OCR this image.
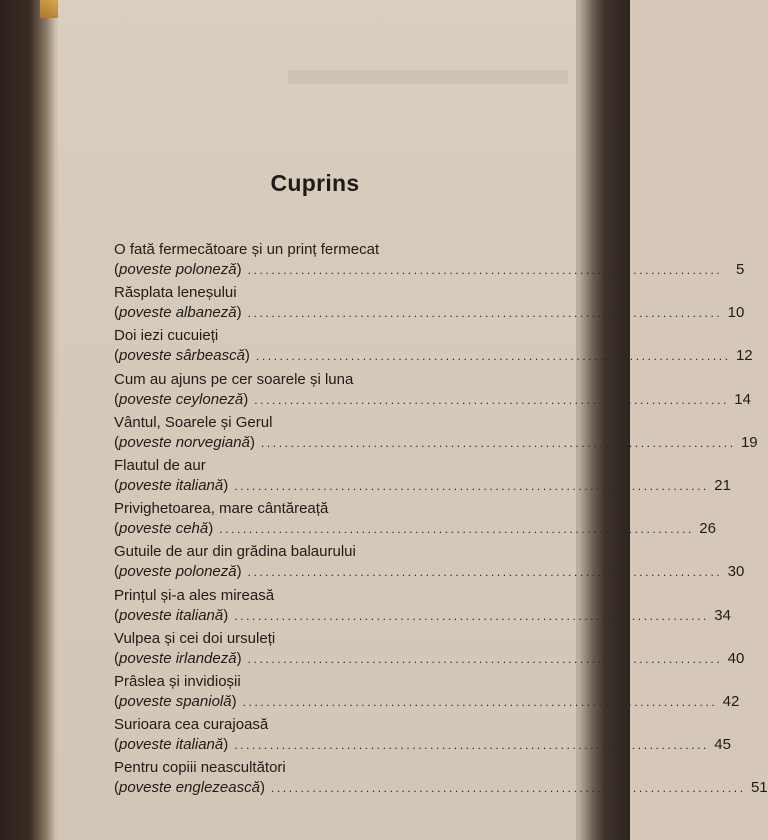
Cuprins
O fată fermecătoare și un prinț fermecat
(poveste poloneză) ................................................................................ 5
Răsplata leneșului
(poveste albaneză) ................................................................................ 10
Doi iezi cucuieți
(poveste sârbească) ................................................................................ 12
Cum au ajuns pe cer soarele și luna
(poveste ceyloneză) ................................................................................ 14
Vântul, Soarele și Gerul
(poveste norvegiană) ................................................................................ 19
Flautul de aur
(poveste italiană) ................................................................................ 21
Privighetoarea, mare cântăreață
(poveste cehă) ................................................................................ 26
Gutuile de aur din grădina balaurului
(poveste poloneză) ................................................................................ 30
Prințul și-a ales mireasă
(poveste italiană) ................................................................................ 34
Vulpea și cei doi ursuleți
(poveste irlandeză) ................................................................................ 40
Prâslea și invidioșii
(poveste spaniolă) ................................................................................ 42
Surioara cea curajoasă
(poveste italiană) ................................................................................ 45
Pentru copiii neascultători
(poveste englezească) ................................................................................ 51
